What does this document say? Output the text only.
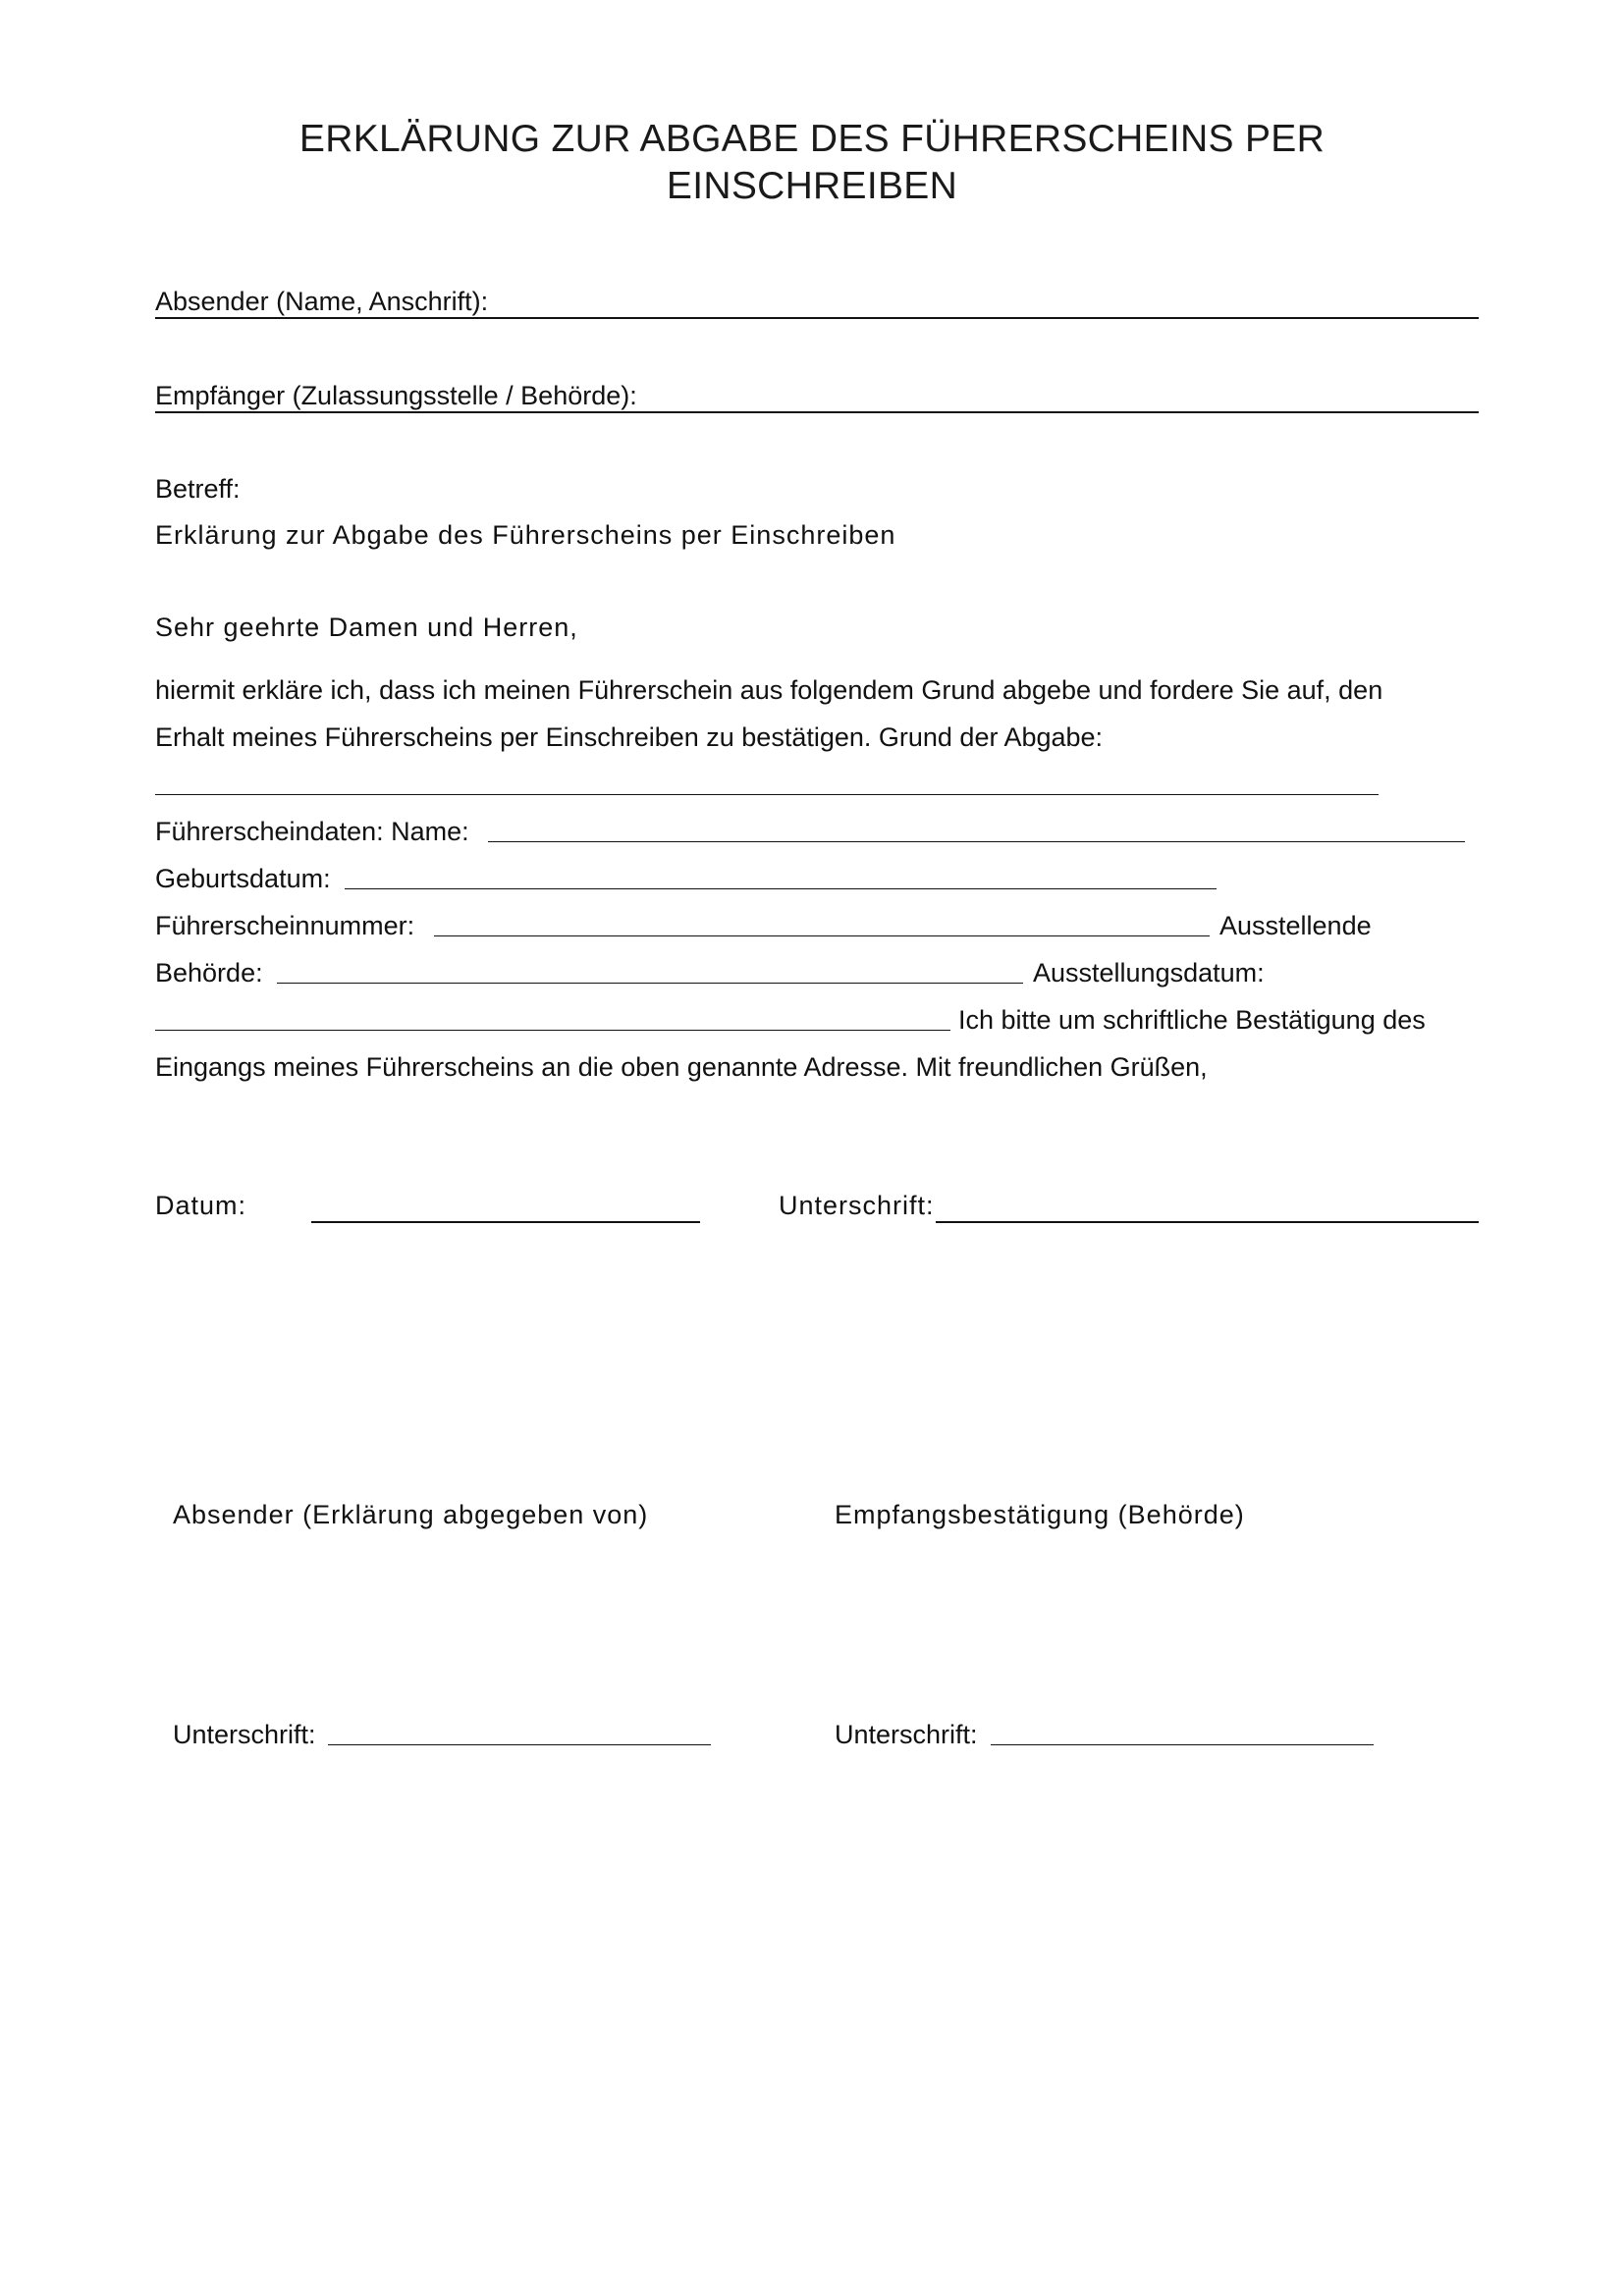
ERKLÄRUNG ZUR ABGABE DES FÜHRERSCHEINS PER
EINSCHREIBEN
Absender (Name, Anschrift):
Empfänger (Zulassungsstelle / Behörde):
Betreff:
Erklärung zur Abgabe des Führerscheins per Einschreiben
Sehr geehrte Damen und Herren,
hiermit erkläre ich, dass ich meinen Führerschein aus folgendem Grund abgebe und fordere Sie auf, den
Erhalt meines Führerscheins per Einschreiben zu bestätigen. Grund der Abgabe:
Führerscheindaten: Name:
Geburtsdatum:
Führerscheinnummer:	Ausstellende
Behörde:	Ausstellungsdatum:
Ich bitte um schriftliche Bestätigung des
Eingangs meines Führerscheins an die oben genannte Adresse. Mit freundlichen Grüßen,
Datum:	Unterschrift:
Absender (Erklärung abgegeben von)	Empfangsbestätigung (Behörde)
Unterschrift:	Unterschrift:
